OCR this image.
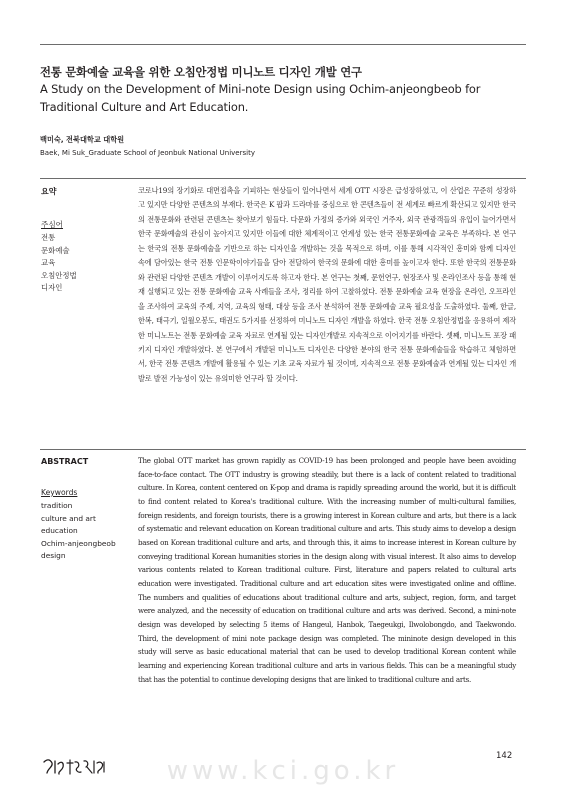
전통 문화예술 교육을 위한 오침안정법 미니노트 디자인 개발 연구
A Study on the Development of Mini-note Design using Ochim-anjeongbeob for Traditional Culture and Art Education.
백미숙, 전북대학교 대학원
Baek, Mi Suk_Graduate School of Jeonbuk National University
요약
주심어
전통
문화예술
교육
오침안정법
디자인

코로나19의 장기화로 대면접촉을 기피하는 현상들이 일어나면서 세계 OTT 시장은 급성장하였고, 이 산업은 꾸준히 성장하고 있지만 다양한 콘텐츠의 부재다. 한국은 K 팝과 드라마를 중심으로 한 콘텐츠들이 전 세계로 빠르게 확산되고 있지만 한국의 전통문화와 관련된 콘텐츠는 찾아보기 힘들다. 다문화 가정의 증가와 외국인 거주자, 외국 관광객들의 유입이 늘어가면서 한국 문화예술의 관심이 높아지고 있지만 이들에 대한 체계적이고 연계성 있는 한국 전통문화예술 교육은 부족하다. 본 연구는 한국의 전통 문화예술을 기반으로 하는 디자인을 개발하는 것을 목적으로 하며, 이를 통해 시각적인 흥미와 함께 디자인 속에 담아있는 한국 전통 인문학이야기들을 담아 전달하여 한국의 문화에 대한 흥미를 높이고자 한다. 또한 한국의 전통문화와 관련된 다양한 콘텐츠 개발이 이루어지도록 하고자 한다. 본 연구는 첫째, 문헌연구, 현장조사 및 온라인조사 등을 통해 현재 실행되고 있는 전통 문화예술 교육 사례들을 조사, 정리를 하여 고찰하였다. 전통 문화예술 교육 현장을 온라인, 오프라인을 조사하여 교육의 주제, 지역, 교육의 형태, 대상 등을 조사 분석하여 전통 문화예술 교육 필요성을 도출하였다. 둘째, 한글, 한복, 태극기, 일월오봉도, 태권도 5가지를 선정하여 미니노트 디자인 개발을 하였다. 한국 전통 오침안정법을 응용하여 제작한 미니노트는 전통 문화예술 교육 자료로 연계될 있는 디자인개발로 지속적으로 이어지기를 바란다. 셋째, 미니노트 포장 패키지 디자인 개발하였다. 본 연구에서 개발된 미니노트 디자인은 다양한 분야의 한국 전통 문화예술들을 학습하고 체험하면서, 한국 전통 콘텐츠 개발에 활용될 수 있는 기초 교육 자료가 될 것이며, 지속적으로 전통 문화예술과 연계될 있는 디자인 개발로 발전 가능성이 있는 유의미한 연구라 할 것이다.

ABSTRACT
Keywords
tradition
culture and art
education
Ochim-anjeongbeob
design

The global OTT market has grown rapidly as COVID-19 has been prolonged and people have been avoiding face-to-face contact. The OTT industry is growing steadily, but there is a lack of content related to traditional culture. In Korea, content centered on K-pop and drama is rapidly spreading around the world, but it is difficult to find content related to Korea's traditional culture. With the increasing number of multi-cultural families, foreign residents, and foreign tourists, there is a growing interest in Korean culture and arts, but there is a lack of systematic and relevant education on Korean traditional culture and arts. This study aims to develop a design based on Korean traditional culture and arts, and through this, it aims to increase interest in Korean culture by conveying traditional Korean humanities stories in the design along with visual interest. It also aims to develop various contents related to Korean traditional culture. First, literature and papers related to cultural arts education were investigated. Traditional culture and art education sites were investigated online and offline. The numbers and qualities of educations about traditional culture and arts, subject, region, form, and target were analyzed, and the necessity of education on traditional culture and arts was derived. Second, a mini-note design was developed by selecting 5 items of Hangeul, Hanbok, Taegeukgi, Ilwolobongdo, and Taekwondo. Third, the development of mini note package design was completed. The mininote design developed in this study will serve as basic educational material that can be used to develop traditional Korean content while learning and experiencing Korean traditional culture and arts in various fields. This can be a meaningful study that has the potential to continue developing designs that are linked to traditional culture and arts.

www.kci.go.kr	142
